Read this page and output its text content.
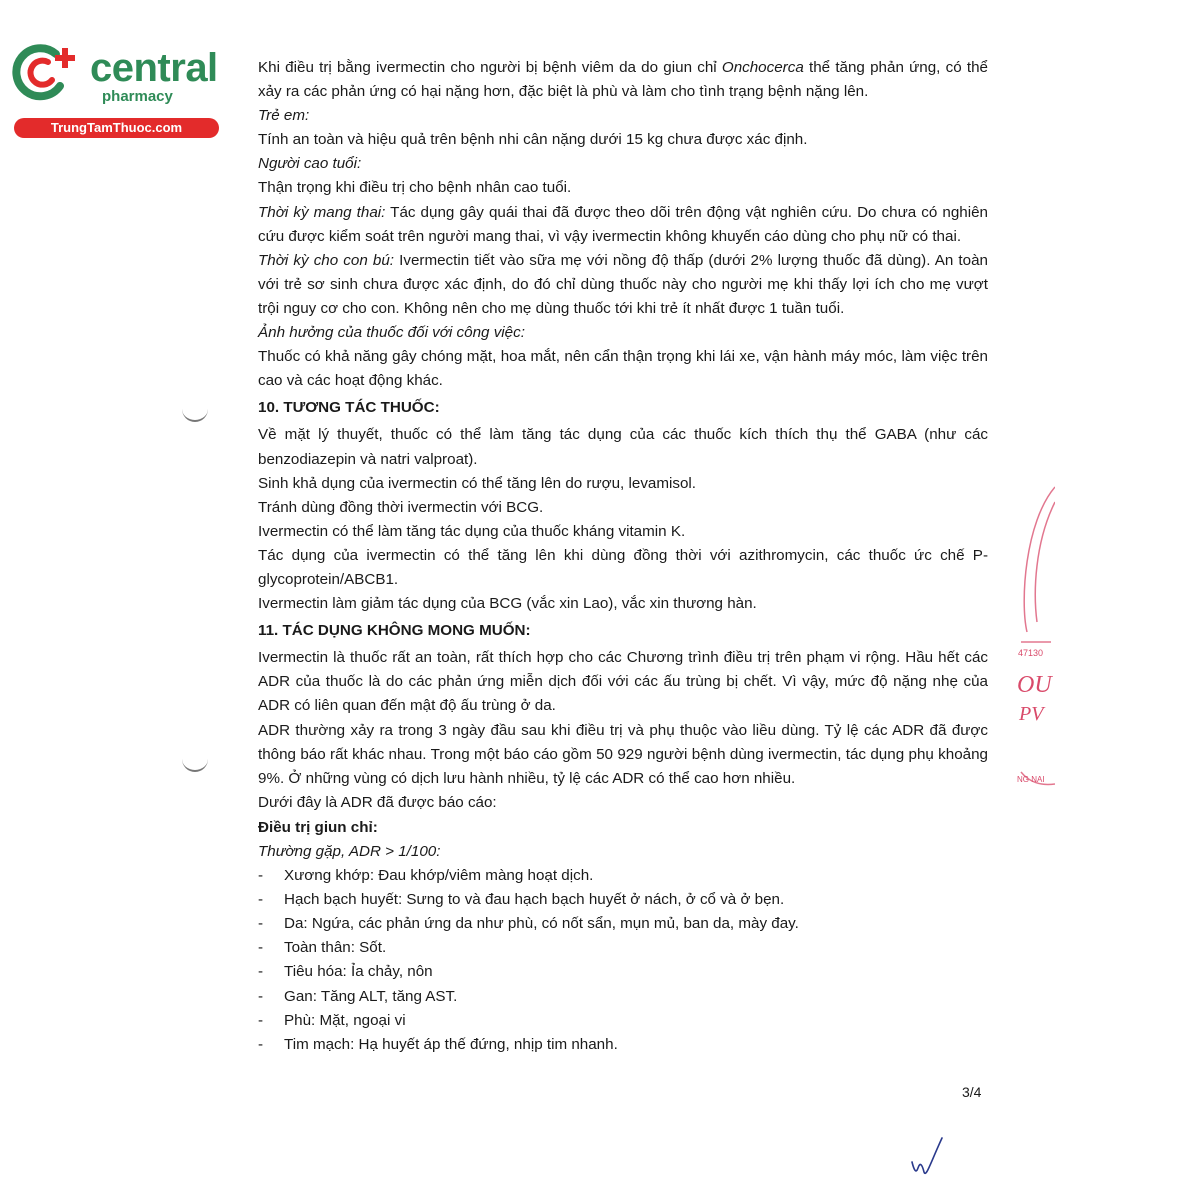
central
pharmacy
TrungTamThuoc.com
47130
OU
PV
NG NAI

Khi điều trị bằng ivermectin cho người bị bệnh viêm da do giun chỉ Onchocerca thể tăng phản ứng, có thể xảy ra các phản ứng có hại nặng hơn, đặc biệt là phù và làm cho tình trạng bệnh nặng lên.

Trẻ em:

Tính an toàn và hiệu quả trên bệnh nhi cân nặng dưới 15 kg chưa được xác định.

Người cao tuổi:

Thận trọng khi điều trị cho bệnh nhân cao tuổi.

Thời kỳ mang thai: Tác dụng gây quái thai đã được theo dõi trên động vật nghiên cứu. Do chưa có nghiên cứu được kiểm soát trên người mang thai, vì vậy ivermectin không khuyến cáo dùng cho phụ nữ có thai.

Thời kỳ cho con bú: Ivermectin tiết vào sữa mẹ với nồng độ thấp (dưới 2% lượng thuốc đã dùng). An toàn với trẻ sơ sinh chưa được xác định, do đó chỉ dùng thuốc này cho người mẹ khi thấy lợi ích cho mẹ vượt trội nguy cơ cho con. Không nên cho mẹ dùng thuốc tới khi trẻ ít nhất được 1 tuần tuổi.

Ảnh hưởng của thuốc đối với công việc:

Thuốc có khả năng gây chóng mặt, hoa mắt, nên cẩn thận trọng khi lái xe, vận hành máy móc, làm việc trên cao và các hoạt động khác.

10. TƯƠNG TÁC THUỐC:

Về mặt lý thuyết, thuốc có thể làm tăng tác dụng của các thuốc kích thích thụ thể GABA (như các benzodiazepin và natri valproat).

Sinh khả dụng của ivermectin có thể tăng lên do rượu, levamisol.

Tránh dùng đồng thời ivermectin với BCG.

Ivermectin có thể làm tăng tác dụng của thuốc kháng vitamin K.

Tác dụng của ivermectin có thể tăng lên khi dùng đồng thời với azithromycin, các thuốc ức chế P-glycoprotein/ABCB1.

Ivermectin làm giảm tác dụng của BCG (vắc xin Lao), vắc xin thương hàn.

11. TÁC DỤNG KHÔNG MONG MUỐN:

Ivermectin là thuốc rất an toàn, rất thích hợp cho các Chương trình điều trị trên phạm vi rộng. Hầu hết các ADR của thuốc là do các phản ứng miễn dịch đối với các ấu trùng bị chết. Vì vậy, mức độ nặng nhẹ của ADR có liên quan đến mật độ ấu trùng ở da.

ADR thường xảy ra trong 3 ngày đầu sau khi điều trị và phụ thuộc vào liều dùng. Tỷ lệ các ADR đã được thông báo rất khác nhau. Trong một báo cáo gồm 50 929 người bệnh dùng ivermectin, tác dụng phụ khoảng 9%. Ở những vùng có dịch lưu hành nhiều, tỷ lệ các ADR có thể cao hơn nhiều.

Dưới đây là ADR đã được báo cáo:

Điều trị giun chỉ:

Thường gặp, ADR > 1/100:

-	Xương khớp: Đau khớp/viêm màng hoạt dịch.
-	Hạch bạch huyết: Sưng to và đau hạch bạch huyết ở nách, ở cổ và ở bẹn.
-	Da: Ngứa, các phản ứng da như phù, có nốt sẩn, mụn mủ, ban da, mày đay.
-	Toàn thân: Sốt.
-	Tiêu hóa: Ỉa chảy, nôn
-	Gan: Tăng ALT, tăng AST.
-	Phù: Mặt, ngoại vi
-	Tim mạch: Hạ huyết áp thế đứng, nhịp tim nhanh.
3/4
